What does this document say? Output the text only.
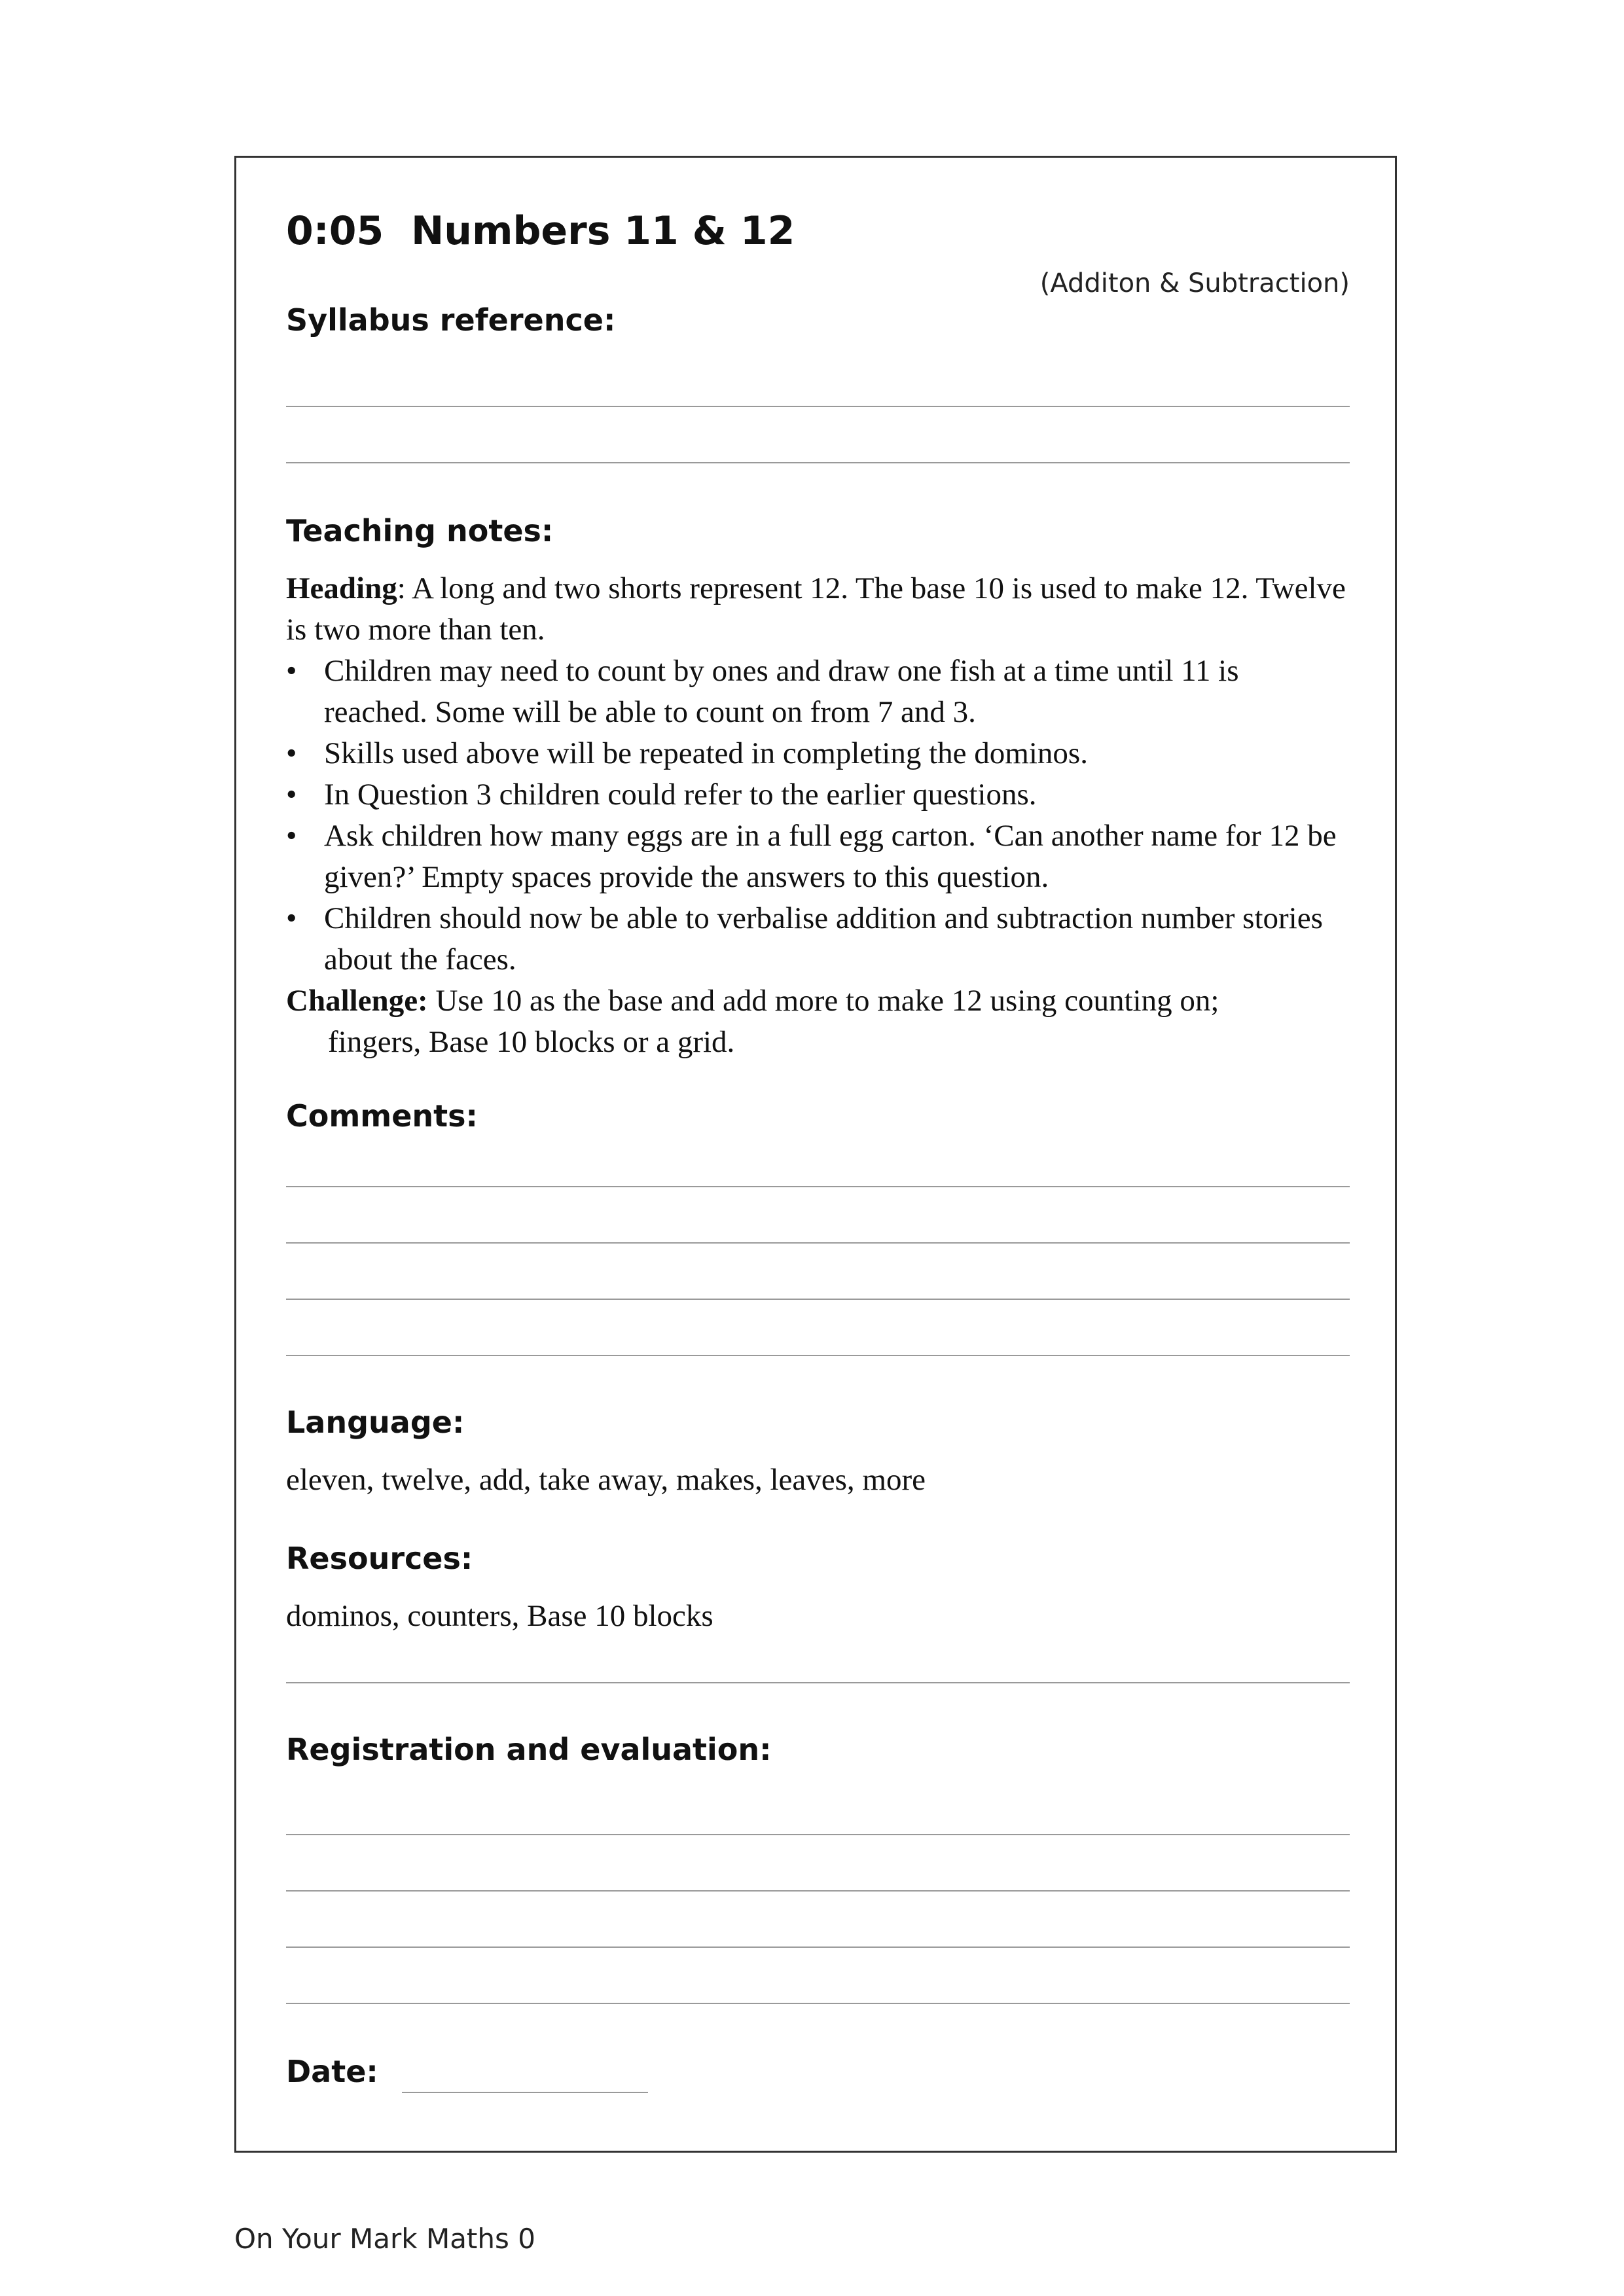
0:05  Numbers 11 & 12
(Additon & Subtraction)
Syllabus reference:
Teaching notes:

Heading: A long and two shorts represent 12. The base 10 is used to make 12. Twelve is two more than ten.

• Children may need to count by ones and draw one fish at a time until 11 is reached. Some will be able to count on from 7 and 3.
• Skills used above will be repeated in completing the dominos.
• In Question 3 children could refer to the earlier questions.
• Ask children how many eggs are in a full egg carton. ‘Can another name for 12 be given?’ Empty spaces provide the answers to this question.
• Children should now be able to verbalise addition and subtraction number stories about the faces.

Challenge: Use 10 as the base and add more to make 12 using counting on;

fingers, Base 10 blocks or a grid.

Comments:
Language:
eleven, twelve, add, take away, makes, leaves, more
Resources:
dominos, counters, Base 10 blocks
Registration and evaluation:
Date:
On Your Mark Maths 0
